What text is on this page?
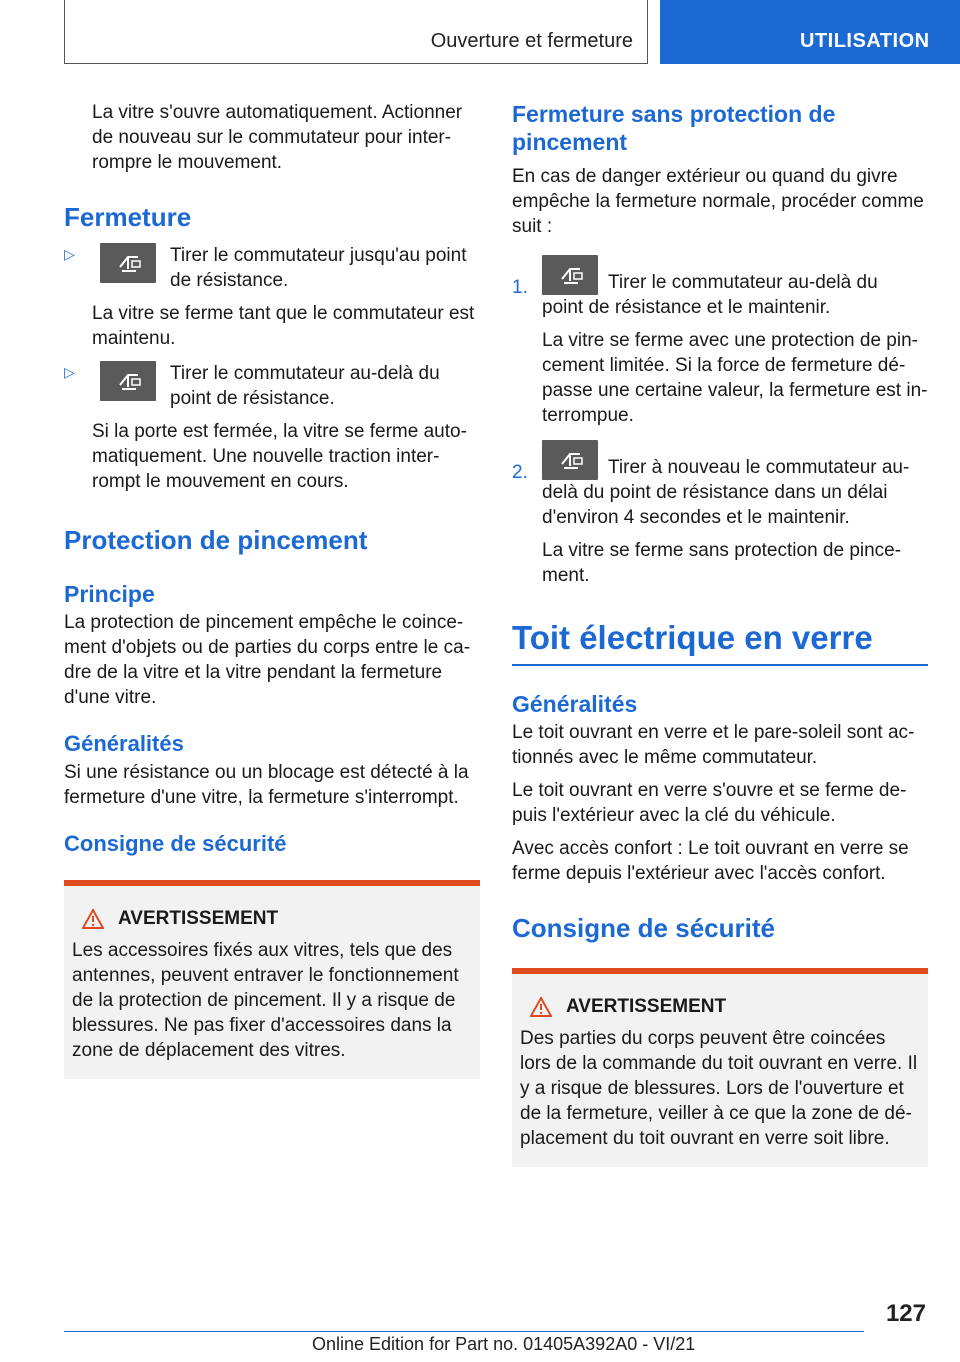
Ouverture et fermeture	UTILISATION

La vitre s'ouvre automatiquement. Actionner de nouveau sur le commutateur pour interrompre le mouvement.

Fermeture
▷	Tirer le commutateur jusqu'au point de résistance.

La vitre se ferme tant que le commutateur est maintenu.

▷	Tirer le commutateur au-delà du point de résistance.

Si la porte est fermée, la vitre se ferme automatiquement. Une nouvelle traction interrompt le mouvement en cours.

Protection de pincement
Principe

La protection de pincement empêche le coincement d'objets ou de parties du corps entre le cadre de la vitre et la vitre pendant la fermeture d'une vitre.

Généralités

Si une résistance ou un blocage est détecté à la fermeture d'une vitre, la fermeture s'interrompt.

Consigne de sécurité
AVERTISSEMENT

Les accessoires fixés aux vitres, tels que des antennes, peuvent entraver le fonctionnement de la protection de pincement. Il y a risque de blessures. Ne pas fixer d'accessoires dans la zone de déplacement des vitres.

Fermeture sans protection de pincement

En cas de danger extérieur ou quand du givre empêche la fermeture normale, procéder comme suit :

1.	Tirer le commutateur au-delà du

point de résistance et le maintenir.

La vitre se ferme avec une protection de pincement limitée. Si la force de fermeture dépasse une certaine valeur, la fermeture est interrompue.

2.	Tirer à nouveau le commutateur au-

delà du point de résistance dans un délai d'environ 4 secondes et le maintenir.

La vitre se ferme sans protection de pincement.

Toit électrique en verre
Généralités

Le toit ouvrant en verre et le pare-soleil sont actionnés avec le même commutateur.

Le toit ouvrant en verre s'ouvre et se ferme depuis l'extérieur avec la clé du véhicule.

Avec accès confort : Le toit ouvrant en verre se ferme depuis l'extérieur avec l'accès confort.

Consigne de sécurité
AVERTISSEMENT

Des parties du corps peuvent être coincées lors de la commande du toit ouvrant en verre. Il y a risque de blessures. Lors de l'ouverture et de la fermeture, veiller à ce que la zone de déplacement du toit ouvrant en verre soit libre.

127
Online Edition for Part no. 01405A392A0 - VI/21
